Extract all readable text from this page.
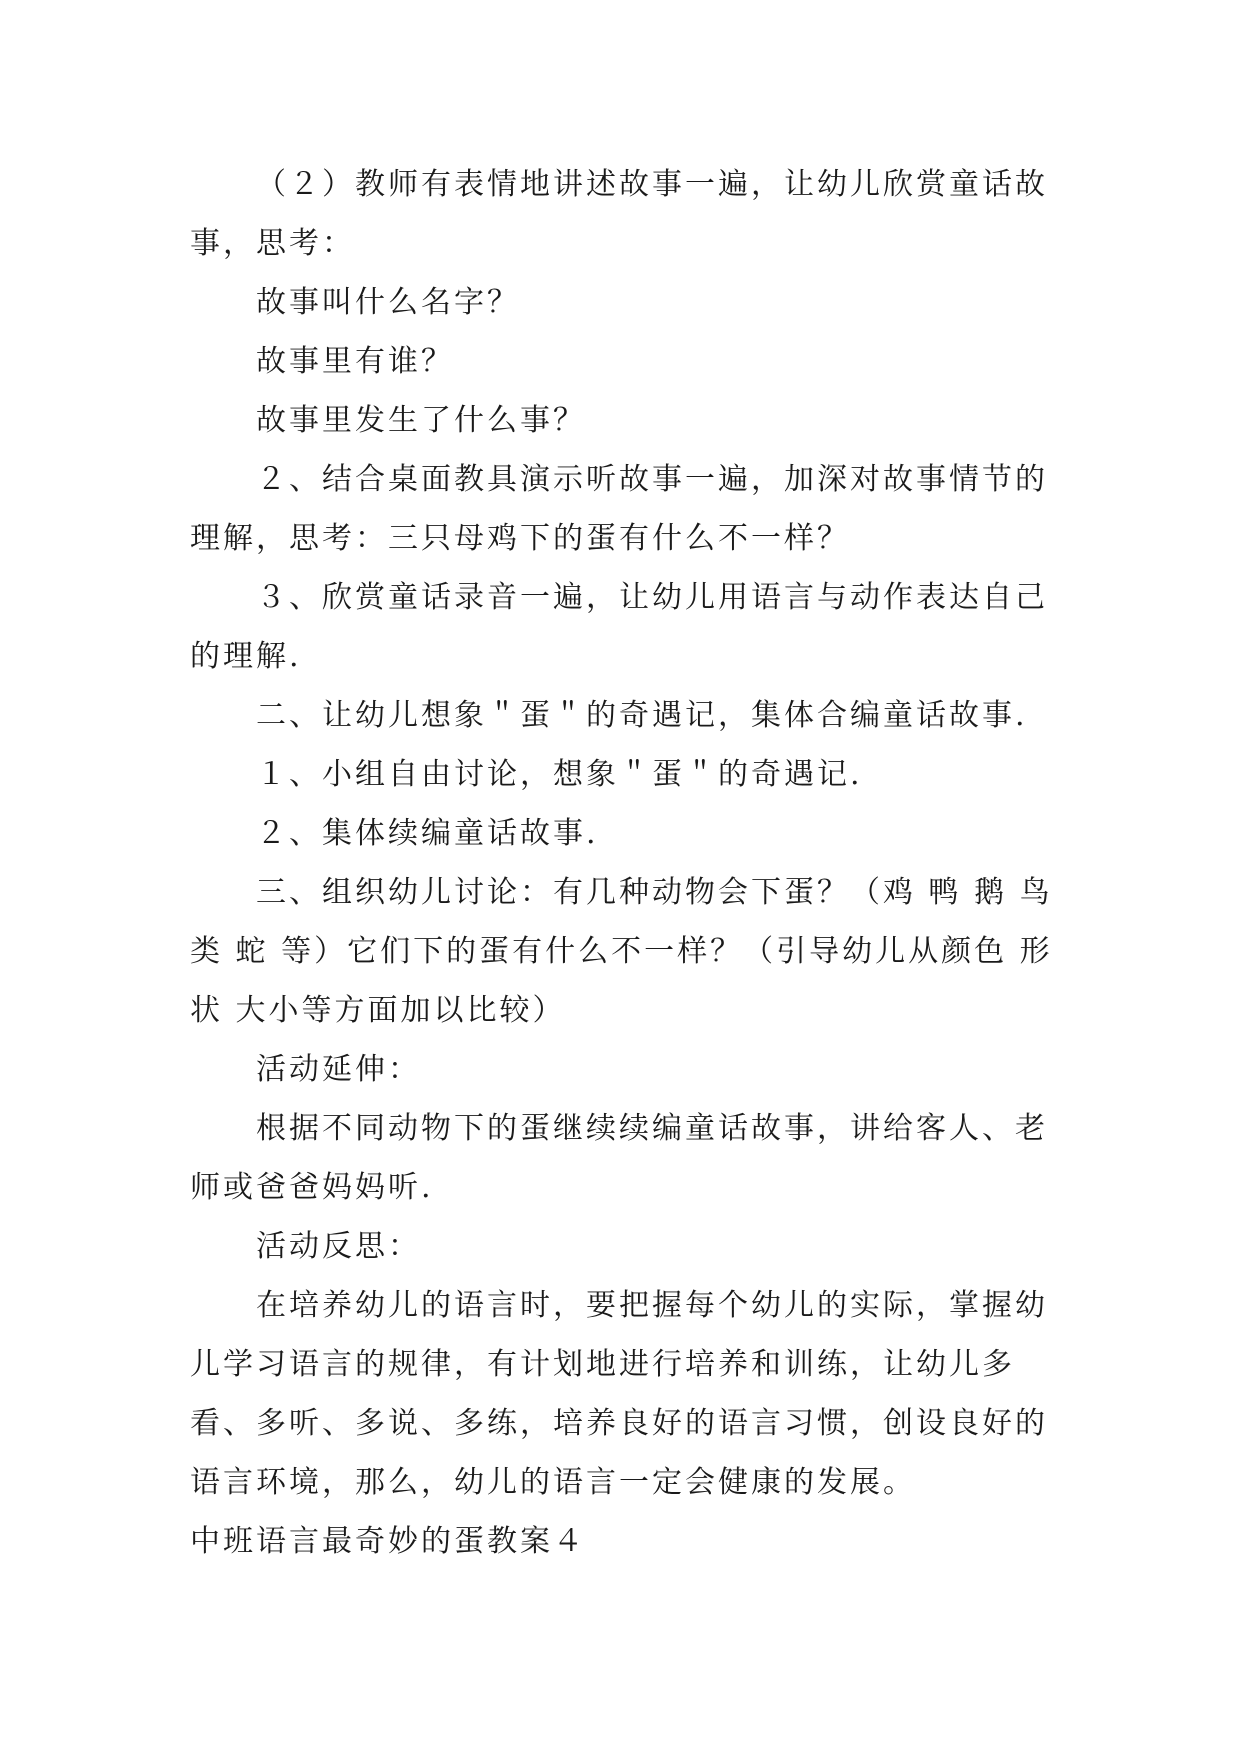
（２）教师有表情地讲述故事一遍，让幼儿欣赏童话故事，思考：

故事叫什么名字？

故事里有谁？

故事里发生了什么事？

２、结合桌面教具演示听故事一遍，加深对故事情节的理解，思考：三只母鸡下的蛋有什么不一样？

３、欣赏童话录音一遍，让幼儿用语言与动作表达自己的理解.

二、让幼儿想象＂蛋＂的奇遇记，集体合编童话故事.

１、小组自由讨论，想象＂蛋＂的奇遇记.

２、集体续编童话故事.

三、组织幼儿讨论：有几种动物会下蛋？（鸡 鸭 鹅 鸟类 蛇 等）它们下的蛋有什么不一样？（引导幼儿从颜色 形状 大小等方面加以比较）

活动延伸：

根据不同动物下的蛋继续续编童话故事，讲给客人、老师或爸爸妈妈听.

活动反思：

在培养幼儿的语言时，要把握每个幼儿的实际，掌握幼儿学习语言的规律，有计划地进行培养和训练，让幼儿多看、多听、多说、多练，培养良好的语言习惯，创设良好的语言环境，那么，幼儿的语言一定会健康的发展。

中班语言最奇妙的蛋教案４
